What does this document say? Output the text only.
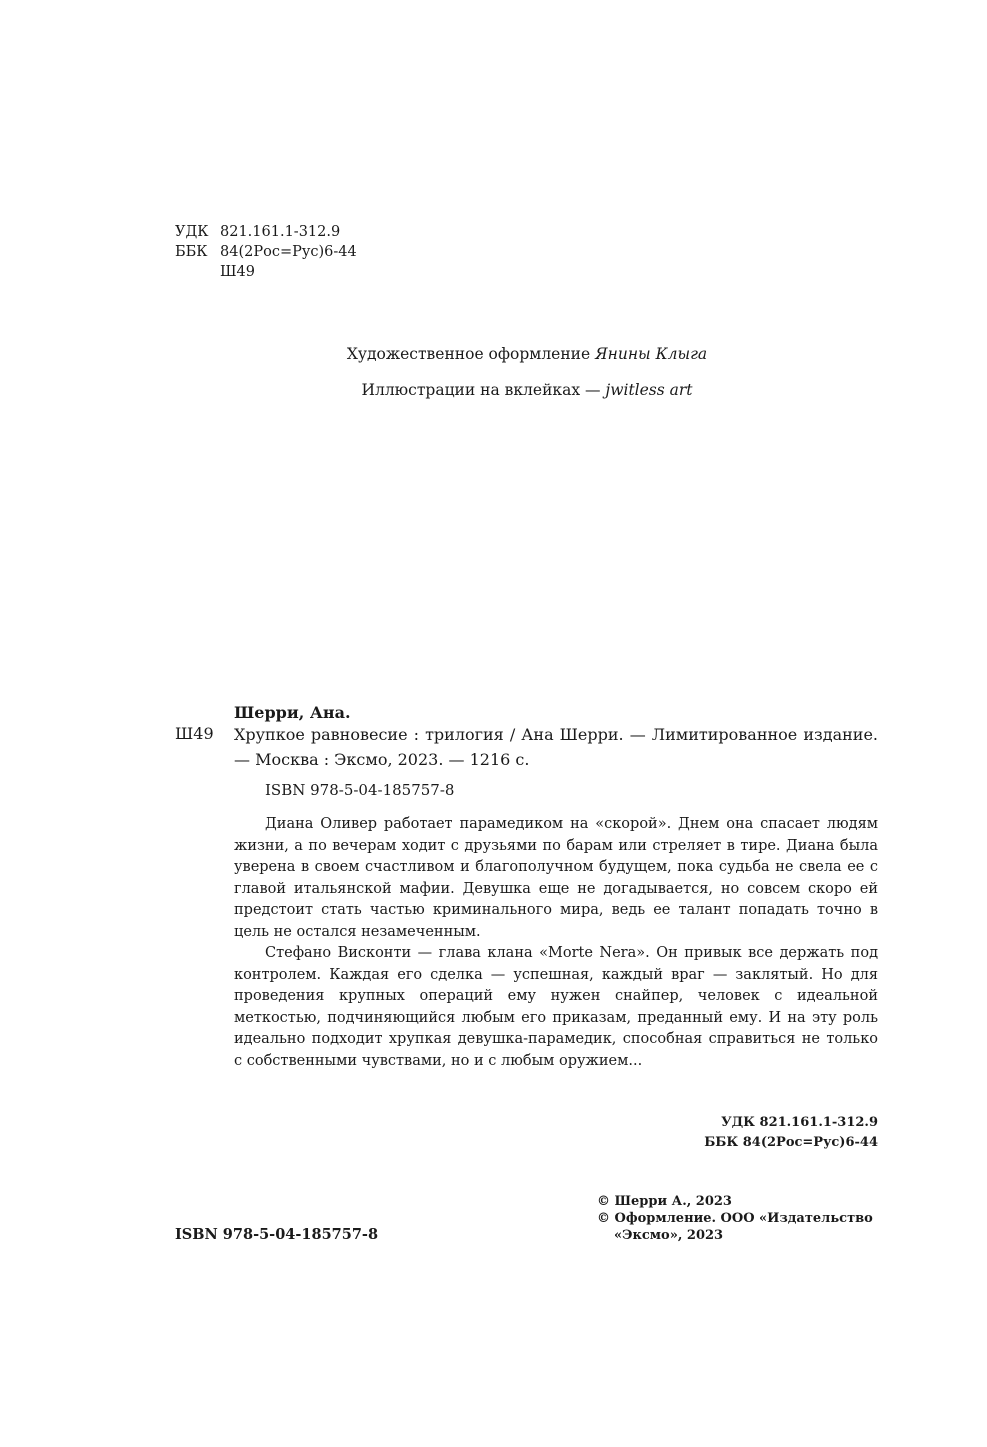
УДК 821.161.1-312.9
ББК 84(2Рос=Рус)6-44
Ш49
Художественное оформление Янины Клыга
Иллюстрации на вклейках — jwitless art
Шерри, Ана.
Ш49 Хрупкое равновесие : трилогия / Ана Шерри. — Лимитированное издание. — Москва : Эксмо, 2023. — 1216 с.
ISBN 978-5-04-185757-8

Диана Оливер работает парамедиком на «скорой». Днем она спасает людям жизни, а по вечерам ходит с друзьями по барам или стреляет в тире. Диана была уверена в своем счастливом и благополучном будущем, пока судьба не свела ее с главой итальянской мафии. Девушка еще не догадывается, но совсем скоро ей предстоит стать частью криминального мира, ведь ее талант попадать точно в цель не остался незамеченным.

Стефано Висконти — глава клана «Morte Nera». Он привык все держать под контролем. Каждая его сделка — успешная, каждый враг — заклятый. Но для проведения крупных операций ему нужен снайпер, человек с идеальной меткостью, подчиняющийся любым его приказам, преданный ему. И на эту роль идеально подходит хрупкая девушка-парамедик, способная справиться не только с собственными чувствами, но и с любым оружием...

УДК 821.161.1-312.9
ББК 84(2Рос=Рус)6-44
© Шерри А., 2023
© Оформление. ООО «Издательство
«Эксмо», 2023
ISBN 978-5-04-185757-8
